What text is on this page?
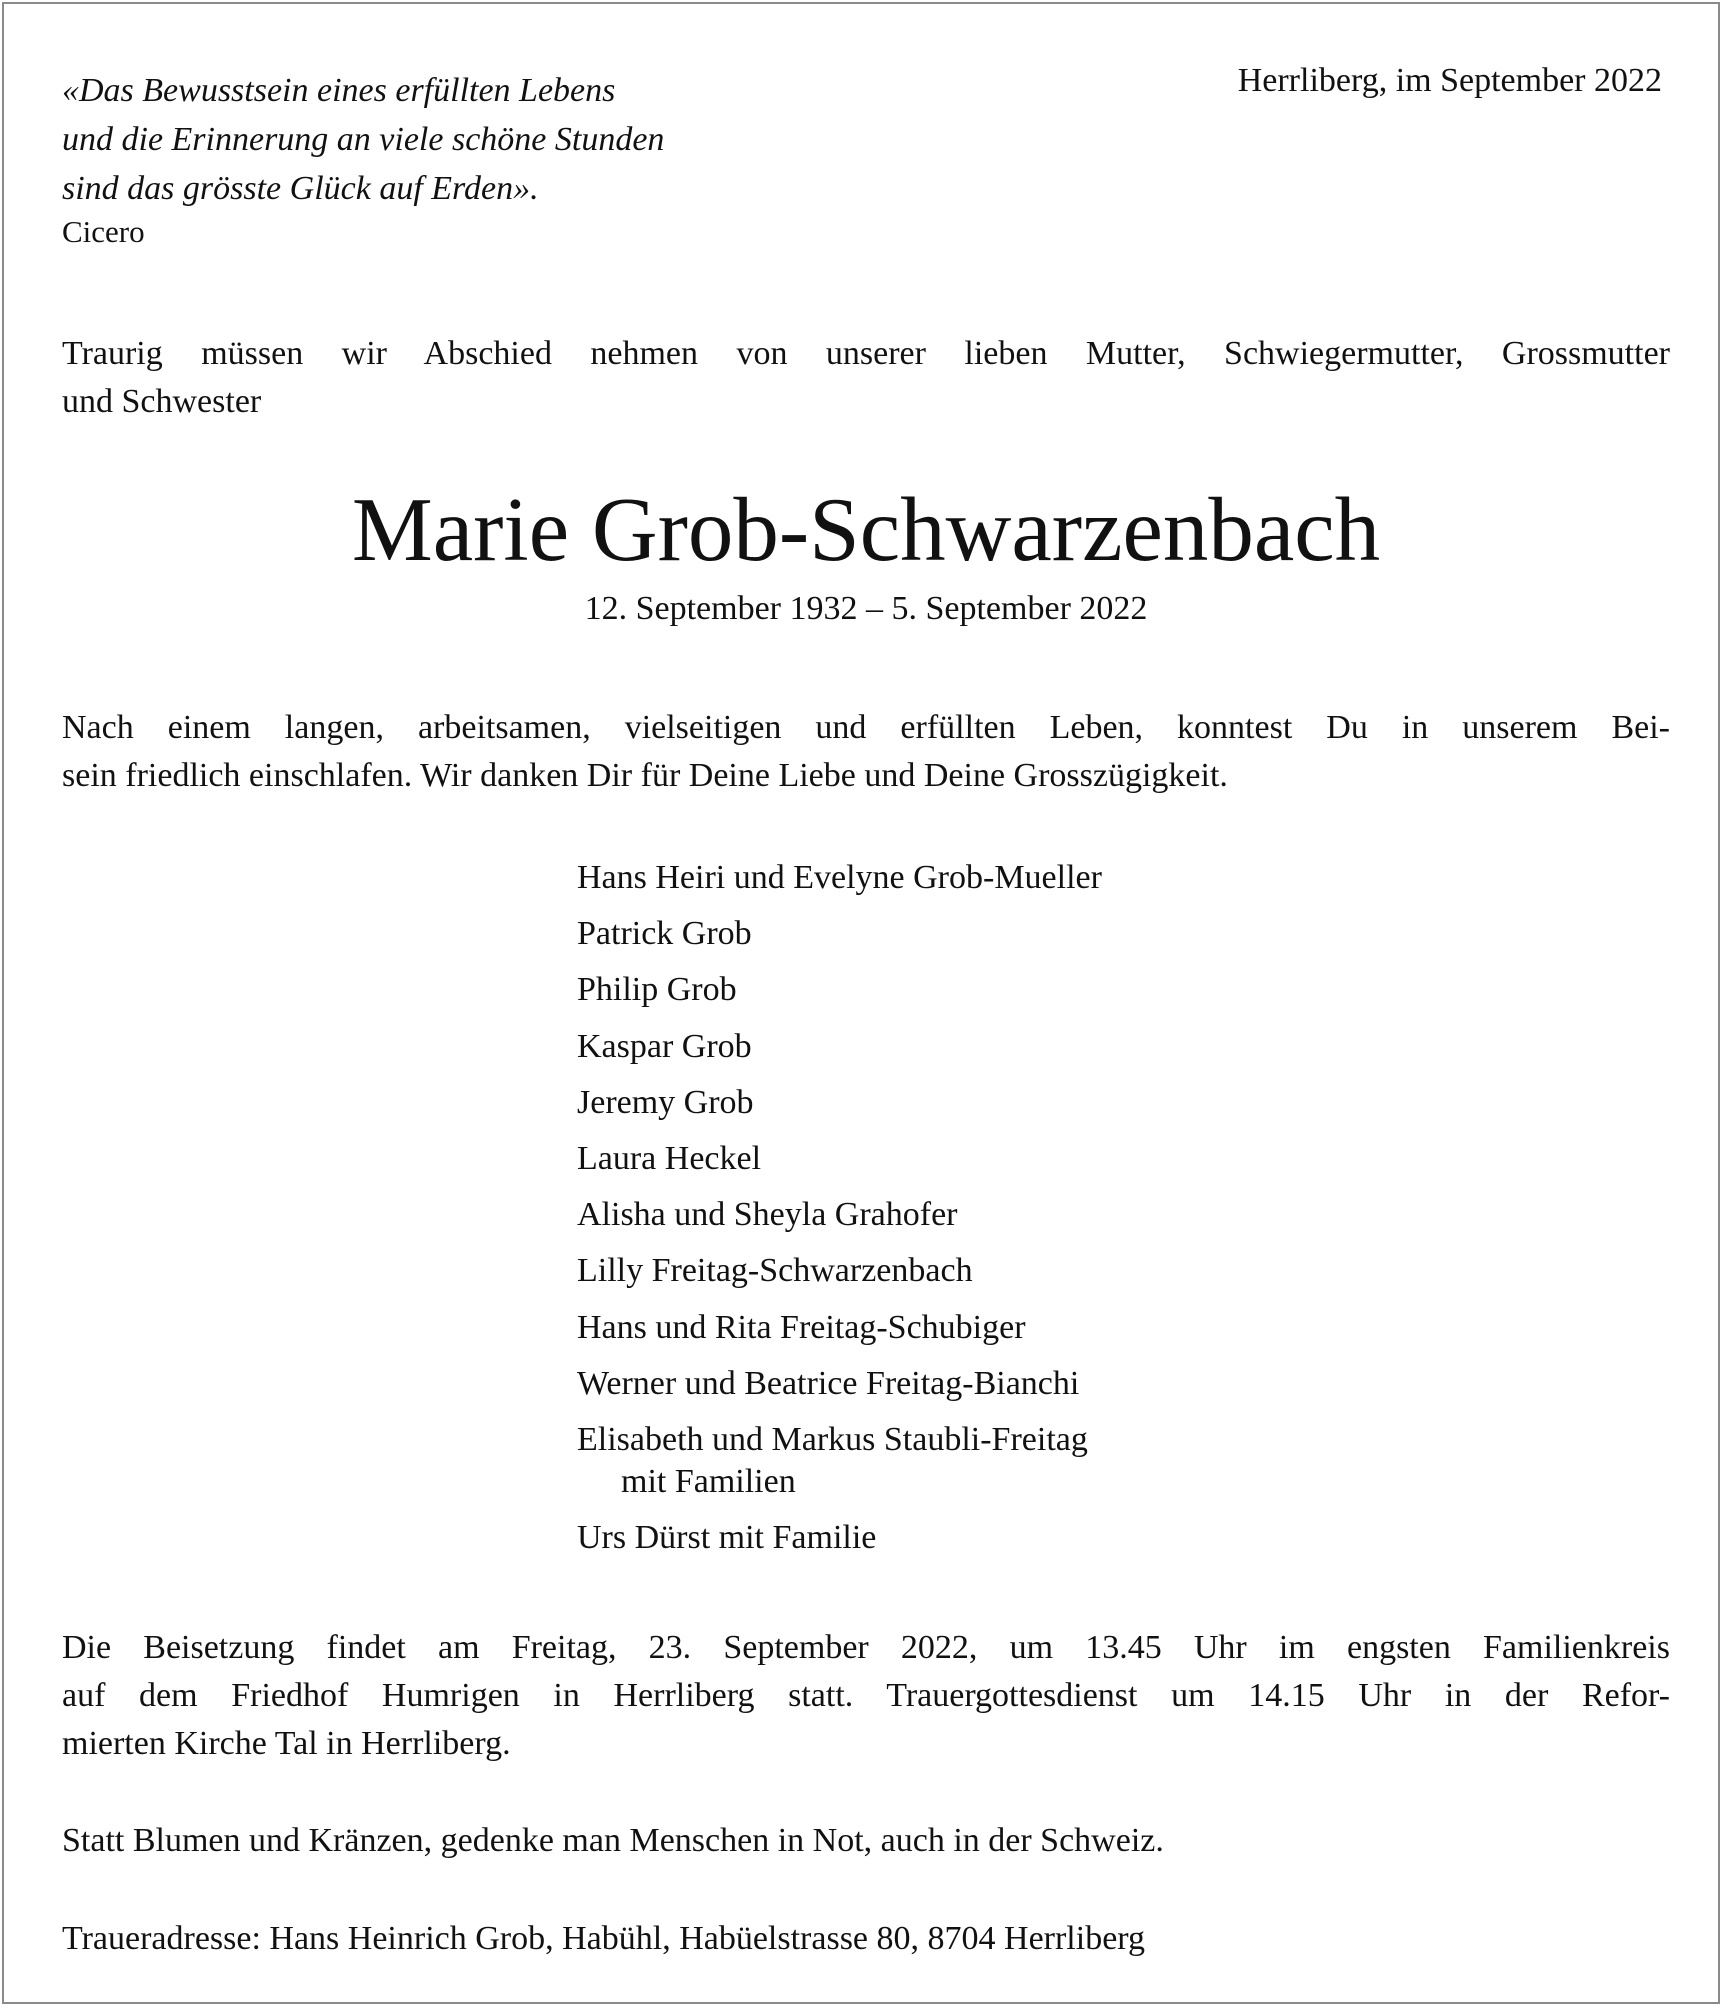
«Das Bewusstsein eines erfüllten Lebens
und die Erinnerung an viele schöne Stunden
sind das grösste Glück auf Erden».
Cicero
Herrliberg, im September 2022
Traurig müssen wir Abschied nehmen von unserer lieben Mutter, Schwiegermutter, Grossmutter
und Schwester
Marie Grob-Schwarzenbach
12. September 1932 – 5. September 2022
Nach einem langen, arbeitsamen, vielseitigen und erfüllten Leben, konntest Du in unserem Bei-
sein friedlich einschlafen. Wir danken Dir für Deine Liebe und Deine Grosszügigkeit.
Hans Heiri und Evelyne Grob-Mueller
Patrick Grob
Philip Grob
Kaspar Grob
Jeremy Grob
Laura Heckel
Alisha und Sheyla Grahofer
Lilly Freitag-Schwarzenbach
Hans und Rita Freitag-Schubiger
Werner und Beatrice Freitag-Bianchi
Elisabeth und Markus Staubli-Freitag
mit Familien
Urs Dürst mit Familie
Die Beisetzung findet am Freitag, 23. September 2022, um 13.45 Uhr im engsten Familienkreis
auf dem Friedhof Humrigen in Herrliberg statt. Trauergottesdienst um 14.15 Uhr in der Refor-
mierten Kirche Tal in Herrliberg.
Statt Blumen und Kränzen, gedenke man Menschen in Not, auch in der Schweiz.
Traueradresse: Hans Heinrich Grob, Habühl, Habüelstrasse 80, 8704 Herrliberg
